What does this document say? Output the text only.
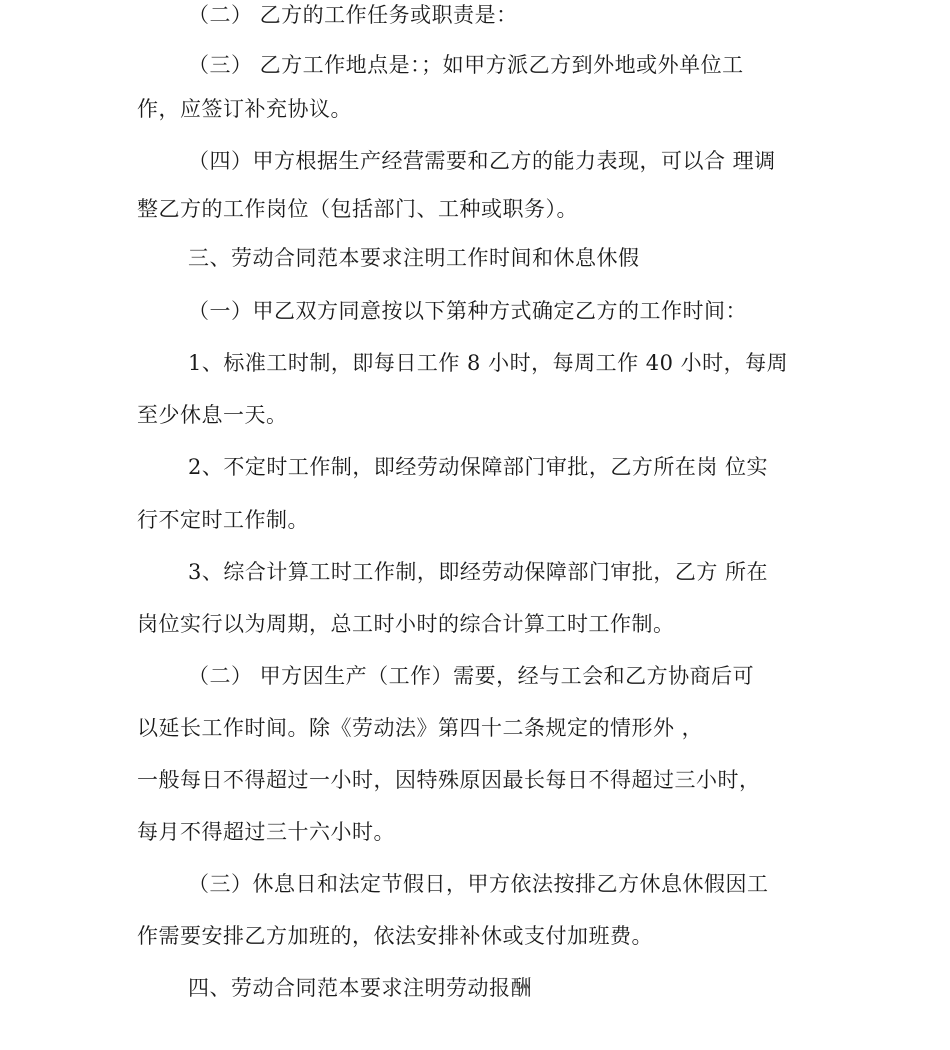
（二） 乙方的工作任务或职责是：
（三） 乙方工作地点是：；如甲方派乙方到外地或外单位工
作，应签订补充协议。
（四）甲方根据生产经营需要和乙方的能力表现，可以合 理调
整乙方的工作岗位（包括部门、工种或职务）。
三、劳动合同范本要求注明工作时间和休息休假
（一）甲乙双方同意按以下第种方式确定乙方的工作时间：
1、标准工时制，即每日工作 8 小时，每周工作 40 小时，每周
至少休息一天。
2、不定时工作制，即经劳动保障部门审批，乙方所在岗 位实
行不定时工作制。
3、综合计算工时工作制，即经劳动保障部门审批，乙方 所在
岗位实行以为周期，总工时小时的综合计算工时工作制。
（二） 甲方因生产（工作）需要，经与工会和乙方协商后可
以延长工作时间。除《劳动法》第四十二条规定的情形外 ，
一般每日不得超过一小时，因特殊原因最长每日不得超过三小时，
每月不得超过三十六小时。
（三）休息日和法定节假日，甲方依法按排乙方休息休假因工
作需要安排乙方加班的，依法安排补休或支付加班费。
四、劳动合同范本要求注明劳动报酬
